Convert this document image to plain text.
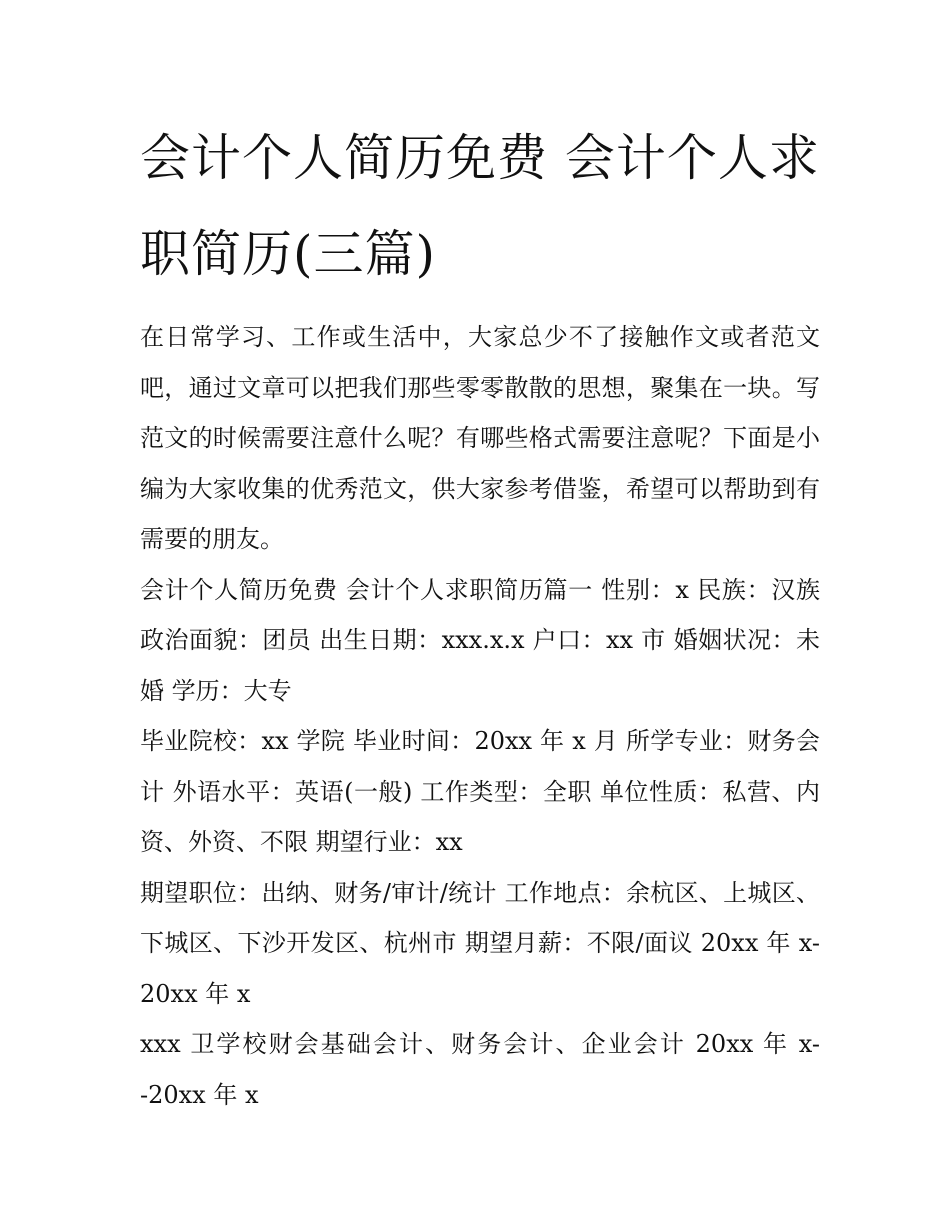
会计个人简历免费 会计个人求职简历(三篇)

在日常学习、工作或生活中，大家总少不了接触作文或者范文吧，通过文章可以把我们那些零零散散的思想，聚集在一块。写范文的时候需要注意什么呢？有哪些格式需要注意呢？下面是小编为大家收集的优秀范文，供大家参考借鉴，希望可以帮助到有需要的朋友。

会计个人简历免费 会计个人求职简历篇一 性别：x 民族：汉族 政治面貌：团员 出生日期：xxx.x.x 户口：xx 市 婚姻状况：未婚 学历：大专

毕业院校：xx 学院 毕业时间：20xx 年 x 月 所学专业：财务会计 外语水平：英语(一般) 工作类型：全职 单位性质：私营、内资、外资、不限 期望行业：xx

期望职位：出纳、财务/审计/统计 工作地点：余杭区、上城区、下城区、下沙开发区、杭州市 期望月薪：不限/面议 20xx 年 x-20xx 年 x

xxx 卫学校财会基础会计、财务会计、企业会计 20xx 年 x--20xx 年 x
